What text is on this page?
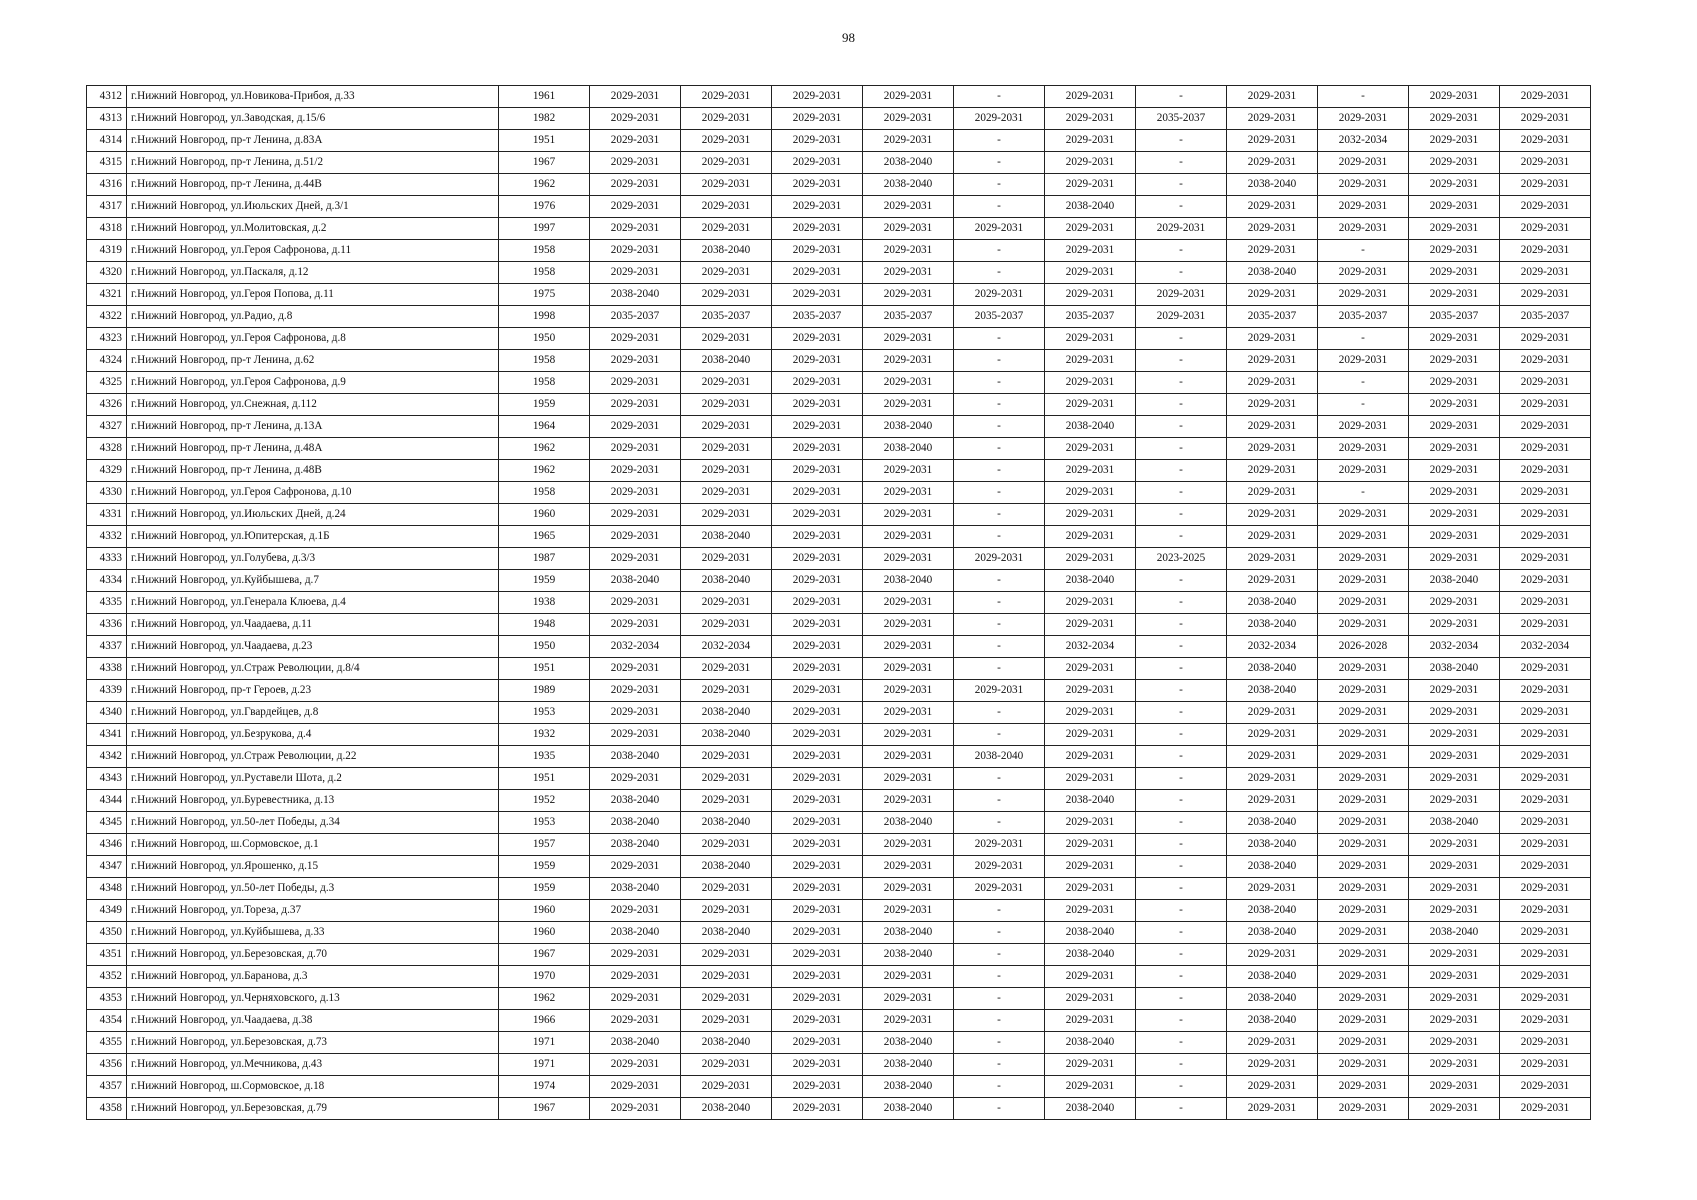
98
4312	г.Нижний Новгород, ул.Новикова-Прибоя, д.33	1961	2029-2031	2029-2031	2029-2031	2029-2031	-	2029-2031	-	2029-2031	-	2029-2031	2029-2031
4313	г.Нижний Новгород, ул.Заводская, д.15/6	1982	2029-2031	2029-2031	2029-2031	2029-2031	2029-2031	2029-2031	2035-2037	2029-2031	2029-2031	2029-2031	2029-2031
4314	г.Нижний Новгород, пр-т Ленина, д.83А	1951	2029-2031	2029-2031	2029-2031	2029-2031	-	2029-2031	-	2029-2031	2032-2034	2029-2031	2029-2031
4315	г.Нижний Новгород, пр-т Ленина, д.51/2	1967	2029-2031	2029-2031	2029-2031	2038-2040	-	2029-2031	-	2029-2031	2029-2031	2029-2031	2029-2031
4316	г.Нижний Новгород, пр-т Ленина, д.44В	1962	2029-2031	2029-2031	2029-2031	2038-2040	-	2029-2031	-	2038-2040	2029-2031	2029-2031	2029-2031
4317	г.Нижний Новгород, ул.Июльских Дней, д.3/1	1976	2029-2031	2029-2031	2029-2031	2029-2031	-	2038-2040	-	2029-2031	2029-2031	2029-2031	2029-2031
4318	г.Нижний Новгород, ул.Молитовская, д.2	1997	2029-2031	2029-2031	2029-2031	2029-2031	2029-2031	2029-2031	2029-2031	2029-2031	2029-2031	2029-2031	2029-2031
4319	г.Нижний Новгород, ул.Героя Сафронова, д.11	1958	2029-2031	2038-2040	2029-2031	2029-2031	-	2029-2031	-	2029-2031	-	2029-2031	2029-2031
4320	г.Нижний Новгород, ул.Паскаля, д.12	1958	2029-2031	2029-2031	2029-2031	2029-2031	-	2029-2031	-	2038-2040	2029-2031	2029-2031	2029-2031
4321	г.Нижний Новгород, ул.Героя Попова, д.11	1975	2038-2040	2029-2031	2029-2031	2029-2031	2029-2031	2029-2031	2029-2031	2029-2031	2029-2031	2029-2031	2029-2031
4322	г.Нижний Новгород, ул.Радио, д.8	1998	2035-2037	2035-2037	2035-2037	2035-2037	2035-2037	2035-2037	2029-2031	2035-2037	2035-2037	2035-2037	2035-2037
4323	г.Нижний Новгород, ул.Героя Сафронова, д.8	1950	2029-2031	2029-2031	2029-2031	2029-2031	-	2029-2031	-	2029-2031	-	2029-2031	2029-2031
4324	г.Нижний Новгород, пр-т Ленина, д.62	1958	2029-2031	2038-2040	2029-2031	2029-2031	-	2029-2031	-	2029-2031	2029-2031	2029-2031	2029-2031
4325	г.Нижний Новгород, ул.Героя Сафронова, д.9	1958	2029-2031	2029-2031	2029-2031	2029-2031	-	2029-2031	-	2029-2031	-	2029-2031	2029-2031
4326	г.Нижний Новгород, ул.Снежная, д.112	1959	2029-2031	2029-2031	2029-2031	2029-2031	-	2029-2031	-	2029-2031	-	2029-2031	2029-2031
4327	г.Нижний Новгород, пр-т Ленина, д.13А	1964	2029-2031	2029-2031	2029-2031	2038-2040	-	2038-2040	-	2029-2031	2029-2031	2029-2031	2029-2031
4328	г.Нижний Новгород, пр-т Ленина, д.48А	1962	2029-2031	2029-2031	2029-2031	2038-2040	-	2029-2031	-	2029-2031	2029-2031	2029-2031	2029-2031
4329	г.Нижний Новгород, пр-т Ленина, д.48В	1962	2029-2031	2029-2031	2029-2031	2029-2031	-	2029-2031	-	2029-2031	2029-2031	2029-2031	2029-2031
4330	г.Нижний Новгород, ул.Героя Сафронова, д.10	1958	2029-2031	2029-2031	2029-2031	2029-2031	-	2029-2031	-	2029-2031	-	2029-2031	2029-2031
4331	г.Нижний Новгород, ул.Июльских Дней, д.24	1960	2029-2031	2029-2031	2029-2031	2029-2031	-	2029-2031	-	2029-2031	2029-2031	2029-2031	2029-2031
4332	г.Нижний Новгород, ул.Юпитерская, д.1Б	1965	2029-2031	2038-2040	2029-2031	2029-2031	-	2029-2031	-	2029-2031	2029-2031	2029-2031	2029-2031
4333	г.Нижний Новгород, ул.Голубева, д.3/3	1987	2029-2031	2029-2031	2029-2031	2029-2031	2029-2031	2029-2031	2023-2025	2029-2031	2029-2031	2029-2031	2029-2031
4334	г.Нижний Новгород, ул.Куйбышева, д.7	1959	2038-2040	2038-2040	2029-2031	2038-2040	-	2038-2040	-	2029-2031	2029-2031	2038-2040	2029-2031
4335	г.Нижний Новгород, ул.Генерала Клюева, д.4	1938	2029-2031	2029-2031	2029-2031	2029-2031	-	2029-2031	-	2038-2040	2029-2031	2029-2031	2029-2031
4336	г.Нижний Новгород, ул.Чаадаева, д.11	1948	2029-2031	2029-2031	2029-2031	2029-2031	-	2029-2031	-	2038-2040	2029-2031	2029-2031	2029-2031
4337	г.Нижний Новгород, ул.Чаадаева, д.23	1950	2032-2034	2032-2034	2029-2031	2029-2031	-	2032-2034	-	2032-2034	2026-2028	2032-2034	2032-2034
4338	г.Нижний Новгород, ул.Страж Революции, д.8/4	1951	2029-2031	2029-2031	2029-2031	2029-2031	-	2029-2031	-	2038-2040	2029-2031	2038-2040	2029-2031
4339	г.Нижний Новгород, пр-т Героев, д.23	1989	2029-2031	2029-2031	2029-2031	2029-2031	2029-2031	2029-2031	-	2038-2040	2029-2031	2029-2031	2029-2031
4340	г.Нижний Новгород, ул.Гвардейцев, д.8	1953	2029-2031	2038-2040	2029-2031	2029-2031	-	2029-2031	-	2029-2031	2029-2031	2029-2031	2029-2031
4341	г.Нижний Новгород, ул.Безрукова, д.4	1932	2029-2031	2038-2040	2029-2031	2029-2031	-	2029-2031	-	2029-2031	2029-2031	2029-2031	2029-2031
4342	г.Нижний Новгород, ул.Страж Революции, д.22	1935	2038-2040	2029-2031	2029-2031	2029-2031	2038-2040	2029-2031	-	2029-2031	2029-2031	2029-2031	2029-2031
4343	г.Нижний Новгород, ул.Руставели Шота, д.2	1951	2029-2031	2029-2031	2029-2031	2029-2031	-	2029-2031	-	2029-2031	2029-2031	2029-2031	2029-2031
4344	г.Нижний Новгород, ул.Буревестника, д.13	1952	2038-2040	2029-2031	2029-2031	2029-2031	-	2038-2040	-	2029-2031	2029-2031	2029-2031	2029-2031
4345	г.Нижний Новгород, ул.50-лет Победы, д.34	1953	2038-2040	2038-2040	2029-2031	2038-2040	-	2029-2031	-	2038-2040	2029-2031	2038-2040	2029-2031
4346	г.Нижний Новгород, ш.Сормовское, д.1	1957	2038-2040	2029-2031	2029-2031	2029-2031	2029-2031	2029-2031	-	2038-2040	2029-2031	2029-2031	2029-2031
4347	г.Нижний Новгород, ул.Ярошенко, д.15	1959	2029-2031	2038-2040	2029-2031	2029-2031	2029-2031	2029-2031	-	2038-2040	2029-2031	2029-2031	2029-2031
4348	г.Нижний Новгород, ул.50-лет Победы, д.3	1959	2038-2040	2029-2031	2029-2031	2029-2031	2029-2031	2029-2031	-	2029-2031	2029-2031	2029-2031	2029-2031
4349	г.Нижний Новгород, ул.Тореза, д.37	1960	2029-2031	2029-2031	2029-2031	2029-2031	-	2029-2031	-	2038-2040	2029-2031	2029-2031	2029-2031
4350	г.Нижний Новгород, ул.Куйбышева, д.33	1960	2038-2040	2038-2040	2029-2031	2038-2040	-	2038-2040	-	2038-2040	2029-2031	2038-2040	2029-2031
4351	г.Нижний Новгород, ул.Березовская, д.70	1967	2029-2031	2029-2031	2029-2031	2038-2040	-	2038-2040	-	2029-2031	2029-2031	2029-2031	2029-2031
4352	г.Нижний Новгород, ул.Баранова, д.3	1970	2029-2031	2029-2031	2029-2031	2029-2031	-	2029-2031	-	2038-2040	2029-2031	2029-2031	2029-2031
4353	г.Нижний Новгород, ул.Черняховского, д.13	1962	2029-2031	2029-2031	2029-2031	2029-2031	-	2029-2031	-	2038-2040	2029-2031	2029-2031	2029-2031
4354	г.Нижний Новгород, ул.Чаадаева, д.38	1966	2029-2031	2029-2031	2029-2031	2029-2031	-	2029-2031	-	2038-2040	2029-2031	2029-2031	2029-2031
4355	г.Нижний Новгород, ул.Березовская, д.73	1971	2038-2040	2038-2040	2029-2031	2038-2040	-	2038-2040	-	2029-2031	2029-2031	2029-2031	2029-2031
4356	г.Нижний Новгород, ул.Мечникова, д.43	1971	2029-2031	2029-2031	2029-2031	2038-2040	-	2029-2031	-	2029-2031	2029-2031	2029-2031	2029-2031
4357	г.Нижний Новгород, ш.Сормовское, д.18	1974	2029-2031	2029-2031	2029-2031	2038-2040	-	2029-2031	-	2029-2031	2029-2031	2029-2031	2029-2031
4358	г.Нижний Новгород, ул.Березовская, д.79	1967	2029-2031	2038-2040	2029-2031	2038-2040	-	2038-2040	-	2029-2031	2029-2031	2029-2031	2029-2031
